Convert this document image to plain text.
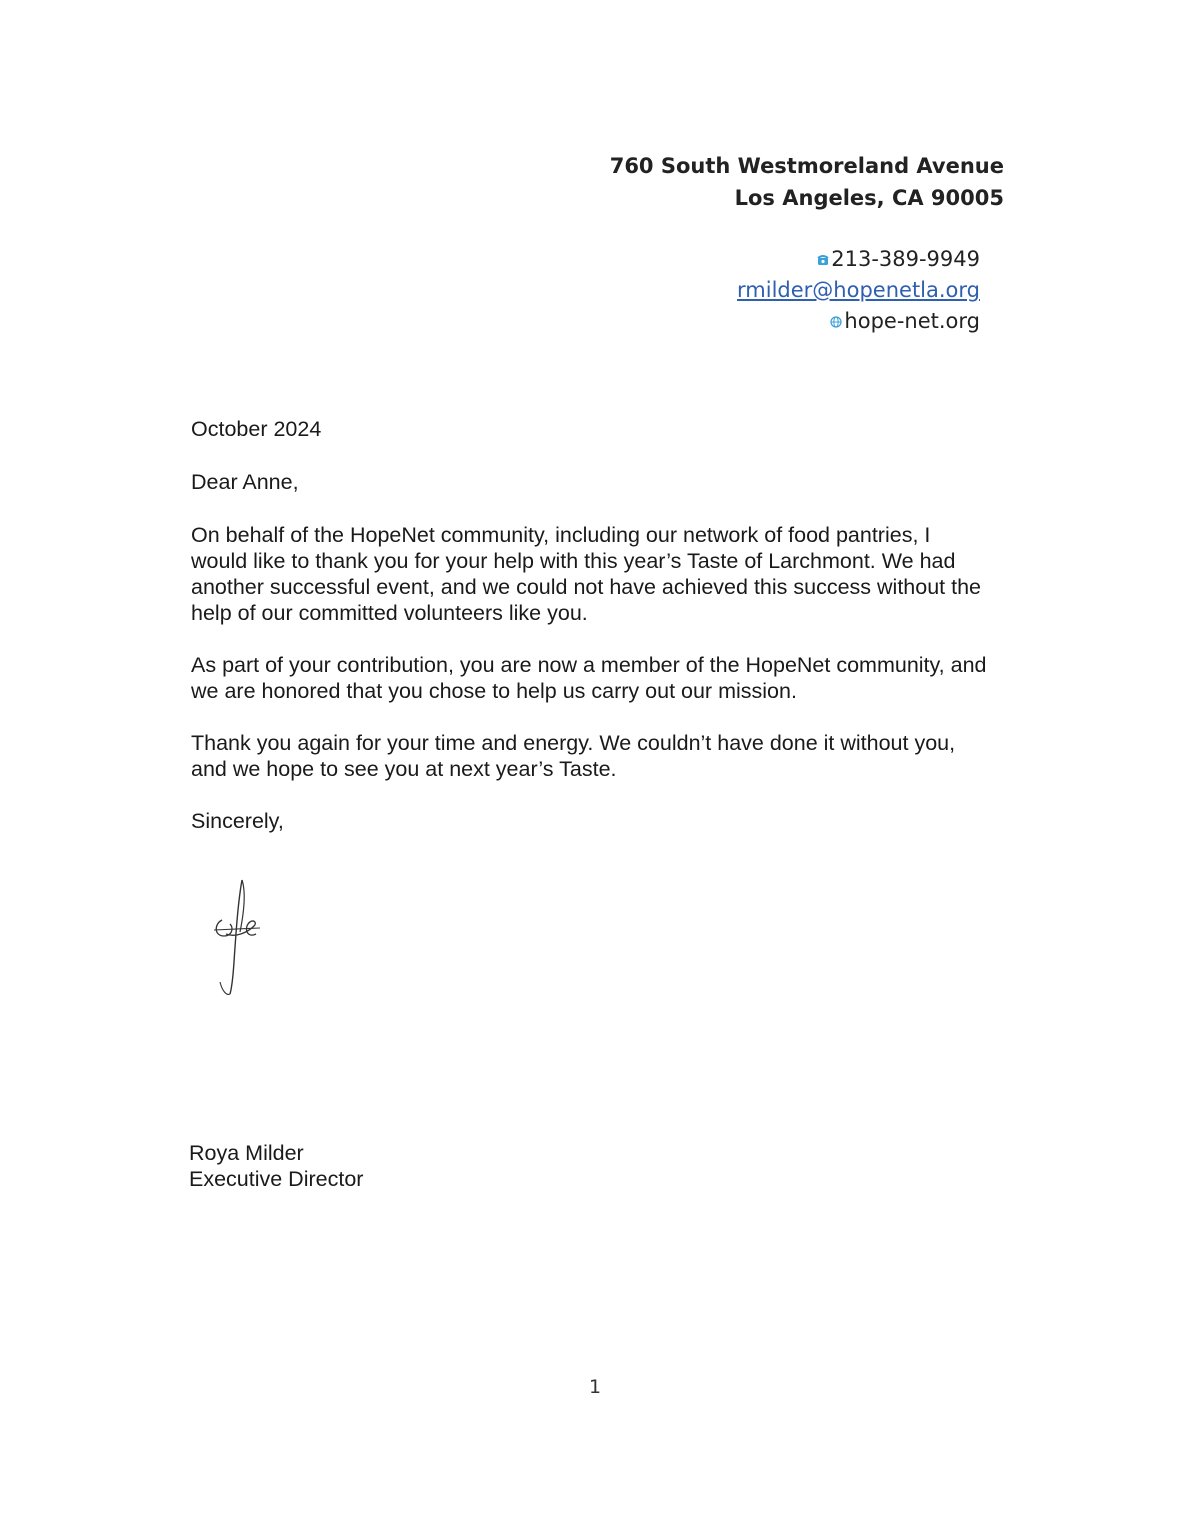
760 South Westmoreland Avenue
Los Angeles, CA 90005
213-389-9949
rmilder@hopenetla.org
hope-net.org

October 2024

Dear Anne,

On behalf of the HopeNet community, including our network of food pantries, I would like to thank you for your help with this year’s Taste of Larchmont. We had another successful event, and we could not have achieved this success without the help of our committed volunteers like you.

As part of your contribution, you are now a member of the HopeNet community, and we are honored that you chose to help us carry out our mission.

Thank you again for your time and energy. We couldn’t have done it without you, and we hope to see you at next year’s Taste.

Sincerely,

Roya Milder
Executive Director
1
